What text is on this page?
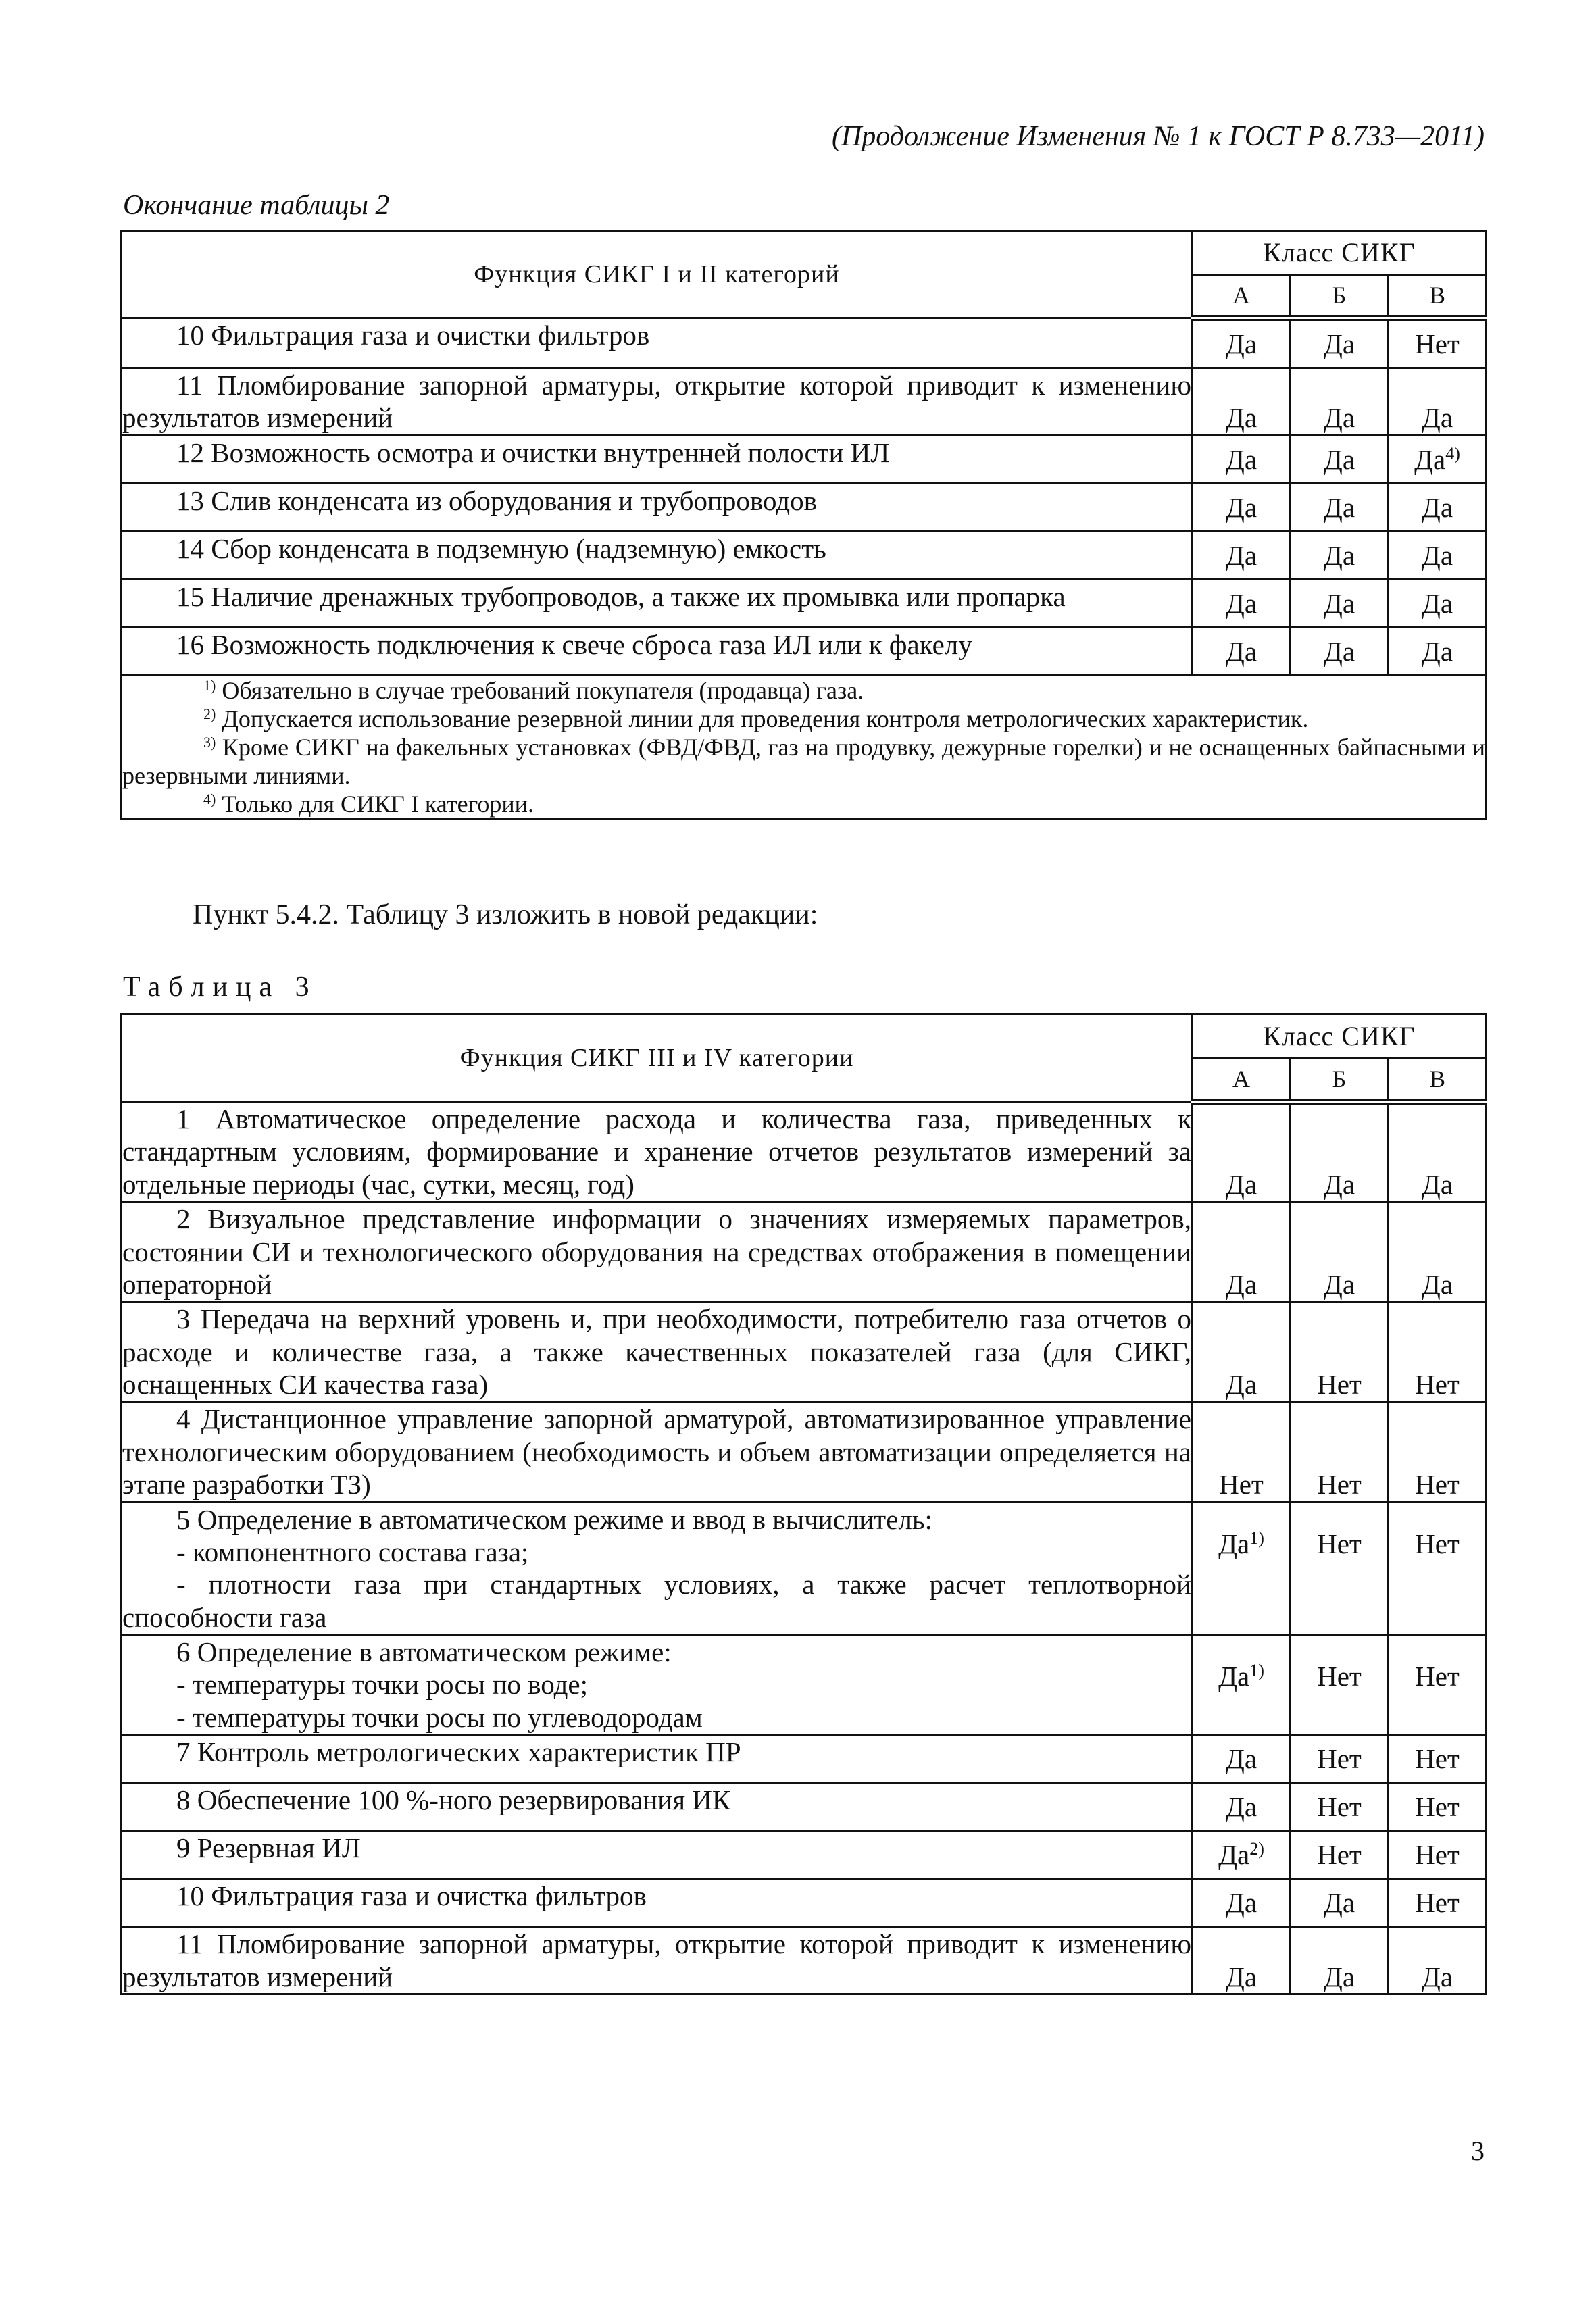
(Продолжение Изменения № 1 к ГОСТ Р 8.733—2011)
Окончание таблицы 2
Функция СИКГ I и II категорий	Класс СИКГ		
	А	Б	В

10 Фильтрация газа и очистки фильтров	Да	Да	Нет

11 Пломбирование запорной арматуры, открытие которой приводит к изменению результатов измерений	Да	Да	Да

12 Возможность осмотра и очистки внутренней полости ИЛ	Да	Да	Да$^{4)}$

13 Слив конденсата из оборудования и трубопроводов	Да	Да	Да

14 Сбор конденсата в подземную (надземную) емкость	Да	Да	Да

15 Наличие дренажных трубопроводов, а также их промывка или пропарка	Да	Да	Да

16 Возможность подключения к свече сброса газа ИЛ или к факелу	Да	Да	Да

$^{1)}$ Обязательно в случае требований покупателя (продавца) газа.
$^{2)}$ Допускается использование резервной линии для проведения контроля метрологических характеристик.
$^{3)}$ Кроме СИКГ на факельных установках (ФВД/ФВД, газ на продувку, дежурные горелки) и не оснащенных байпасными и резервными линиями.
$^{4)}$ Только для СИКГ I категории.			
Пункт 5.4.2. Таблицу 3 изложить в новой редакции:
Таблица 3
Функция СИКГ III и IV категории	Класс СИКГ		
	А	Б	В

1 Автоматическое определение расхода и количества газа, приведенных к стандартным условиям, формирование и хранение отчетов результатов измерений за отдельные периоды (час, сутки, месяц, год)	Да	Да	Да

2 Визуальное представление информации о значениях измеряемых параметров, состоянии СИ и технологического оборудования на средствах отображения в помещении операторной	Да	Да	Да

3 Передача на верхний уровень и, при необходимости, потребителю газа отчетов о расходе и количестве газа, а также качественных показателей газа (для СИКГ, оснащенных СИ качества газа)	Да	Нет	Нет

4 Дистанционное управление запорной арматурой, автоматизированное управление технологическим оборудованием (необходимость и объем автоматизации определяется на этапе разработки ТЗ)	Нет	Нет	Нет

5 Определение в автоматическом режиме и ввод в вычислитель:
- компонентного состава газа;
- плотности газа при стандартных условиях, а также расчет теплотворной способности газа	Да$^{1)}$	Нет	Нет

6 Определение в автоматическом режиме:
- температуры точки росы по воде;
- температуры точки росы по углеводородам	Да$^{1)}$	Нет	Нет

7 Контроль метрологических характеристик ПР	Да	Нет	Нет

8 Обеспечение 100 %-ного резервирования ИК	Да	Нет	Нет

9 Резервная ИЛ	Да$^{2)}$	Нет	Нет

10 Фильтрация газа и очистка фильтров	Да	Да	Нет

11 Пломбирование запорной арматуры, открытие которой приводит к изменению результатов измерений	Да	Да	Да
3
